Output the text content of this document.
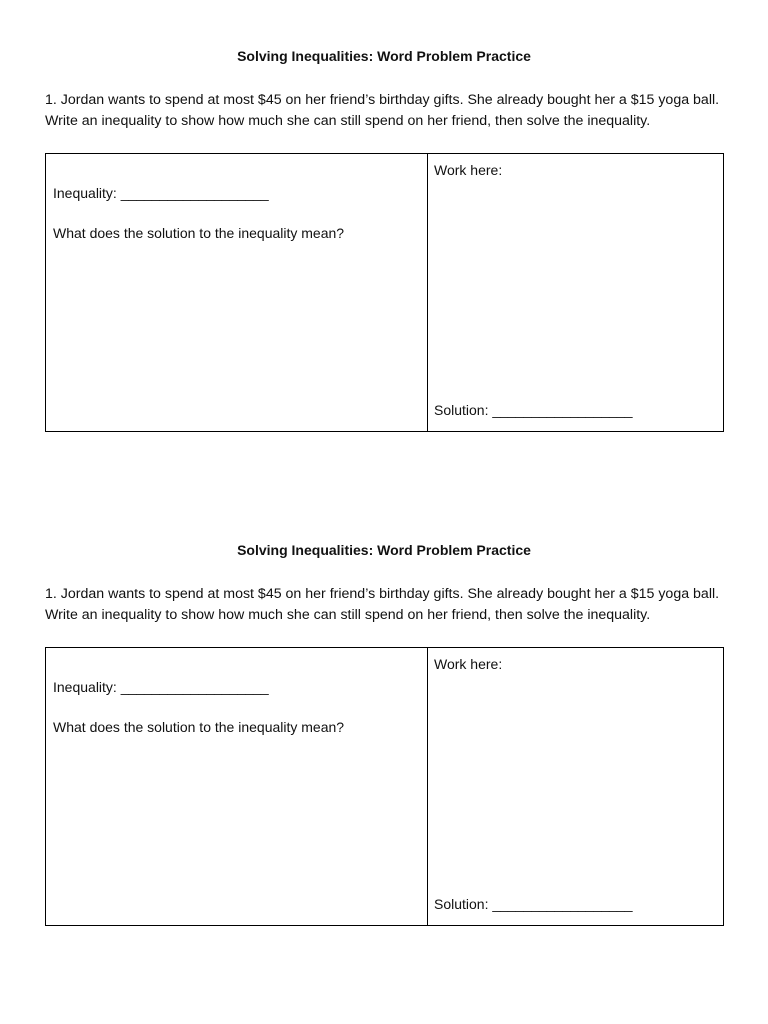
Solving Inequalities: Word Problem Practice
1. Jordan wants to spend at most $45 on her friend’s birthday gifts. She already bought her a $15 yoga ball. Write an inequality to show how much she can still spend on her friend, then solve the inequality.
Inequality: ___________________
What does the solution to the inequality mean?
Work here:
Solution: __________________
Solving Inequalities: Word Problem Practice
1. Jordan wants to spend at most $45 on her friend’s birthday gifts. She already bought her a $15 yoga ball. Write an inequality to show how much she can still spend on her friend, then solve the inequality.
Inequality: ___________________
What does the solution to the inequality mean?
Work here:
Solution: __________________
